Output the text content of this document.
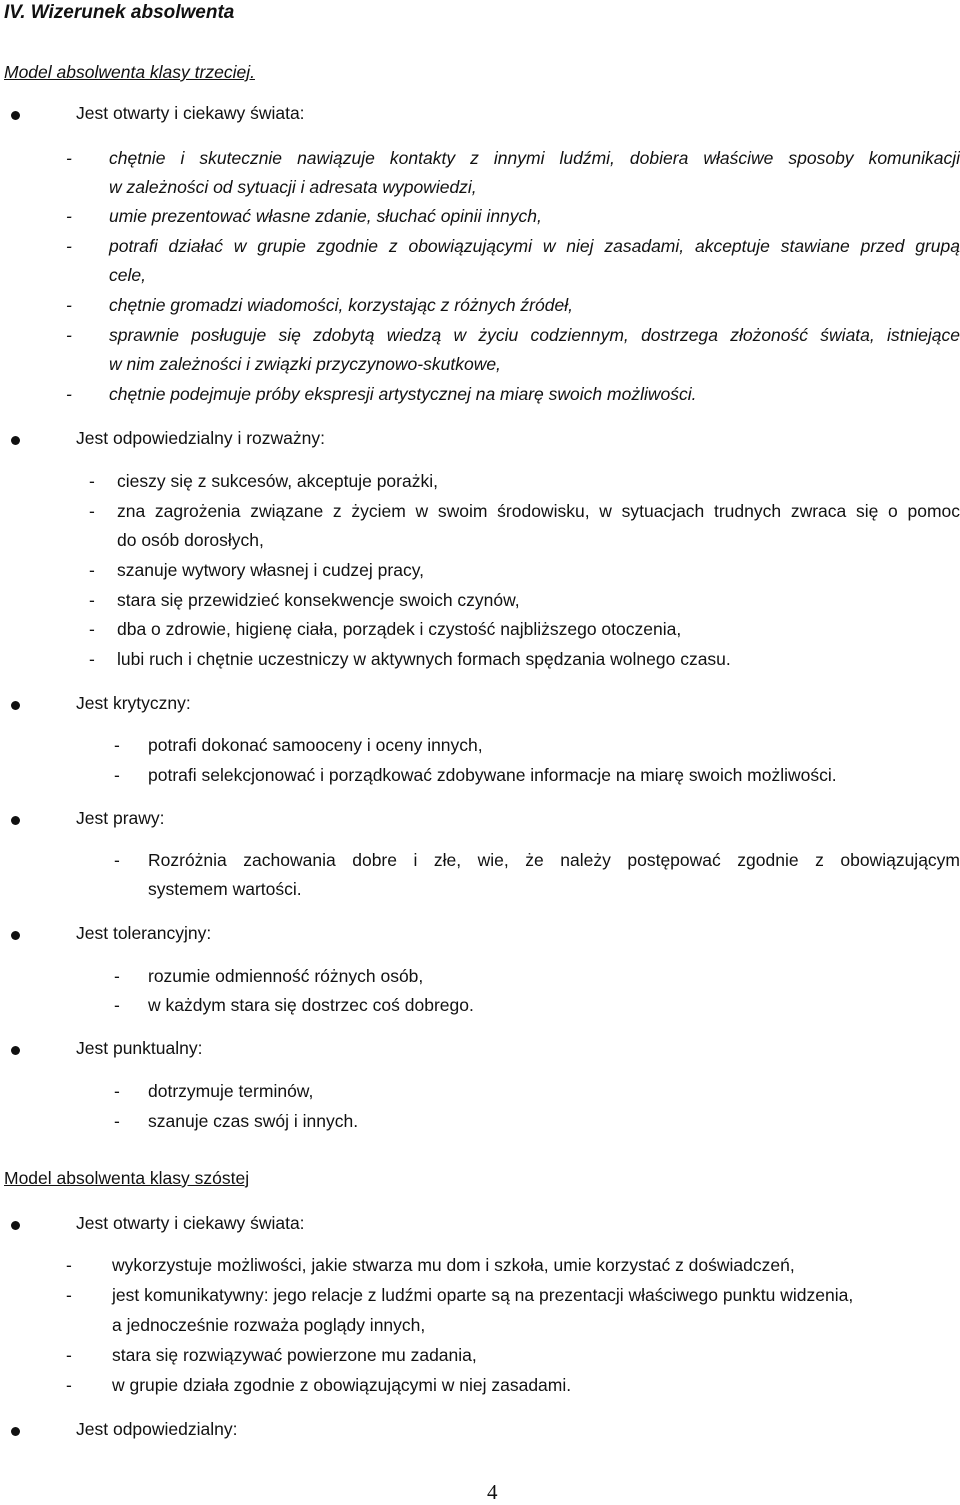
IV. Wizerunek absolwenta
Model absolwenta klasy trzeciej.
Jest otwarty i ciekawy świata:
- chętnie i skutecznie nawiązuje kontakty z innymi ludźmi, dobiera właściwe sposoby komunikacji
w zależności od sytuacji i adresata wypowiedzi,
- umie prezentować własne zdanie, słuchać opinii innych,
- potrafi działać w grupie zgodnie z obowiązującymi w niej zasadami, akceptuje stawiane przed grupą
cele,
- chętnie gromadzi wiadomości, korzystając z różnych źródeł,
- sprawnie posługuje się zdobytą wiedzą w życiu codziennym, dostrzega złożoność świata, istniejące
w nim zależności i związki przyczynowo-skutkowe,
- chętnie podejmuje próby ekspresji artystycznej na miarę swoich możliwości.
Jest odpowiedzialny i rozważny:
- cieszy się z sukcesów, akceptuje porażki,
- zna zagrożenia związane z życiem w swoim środowisku, w sytuacjach trudnych zwraca się o pomoc
do osób dorosłych,
- szanuje wytwory własnej i cudzej pracy,
- stara się przewidzieć konsekwencje swoich czynów,
- dba o zdrowie, higienę ciała, porządek i czystość najbliższego otoczenia,
- lubi ruch i chętnie uczestniczy w aktywnych formach spędzania wolnego czasu.
Jest krytyczny:
- potrafi dokonać samooceny i oceny innych,
- potrafi selekcjonować i porządkować zdobywane informacje na miarę swoich możliwości.
Jest prawy:
- Rozróżnia zachowania dobre i złe, wie, że należy postępować zgodnie z obowiązującym
systemem wartości.
Jest tolerancyjny:
- rozumie odmienność różnych osób,
- w każdym stara się dostrzec coś dobrego.
Jest punktualny:
- dotrzymuje terminów,
- szanuje czas swój i innych.
Model absolwenta klasy szóstej
Jest otwarty i ciekawy świata:
- wykorzystuje możliwości, jakie stwarza mu dom i szkoła, umie korzystać z doświadczeń,
- jest komunikatywny: jego relacje z ludźmi oparte są na prezentacji właściwego punktu widzenia,
a jednocześnie rozważa poglądy innych,
- stara się rozwiązywać powierzone mu zadania,
- w grupie działa zgodnie z obowiązującymi w niej zasadami.
Jest odpowiedzialny:
4
